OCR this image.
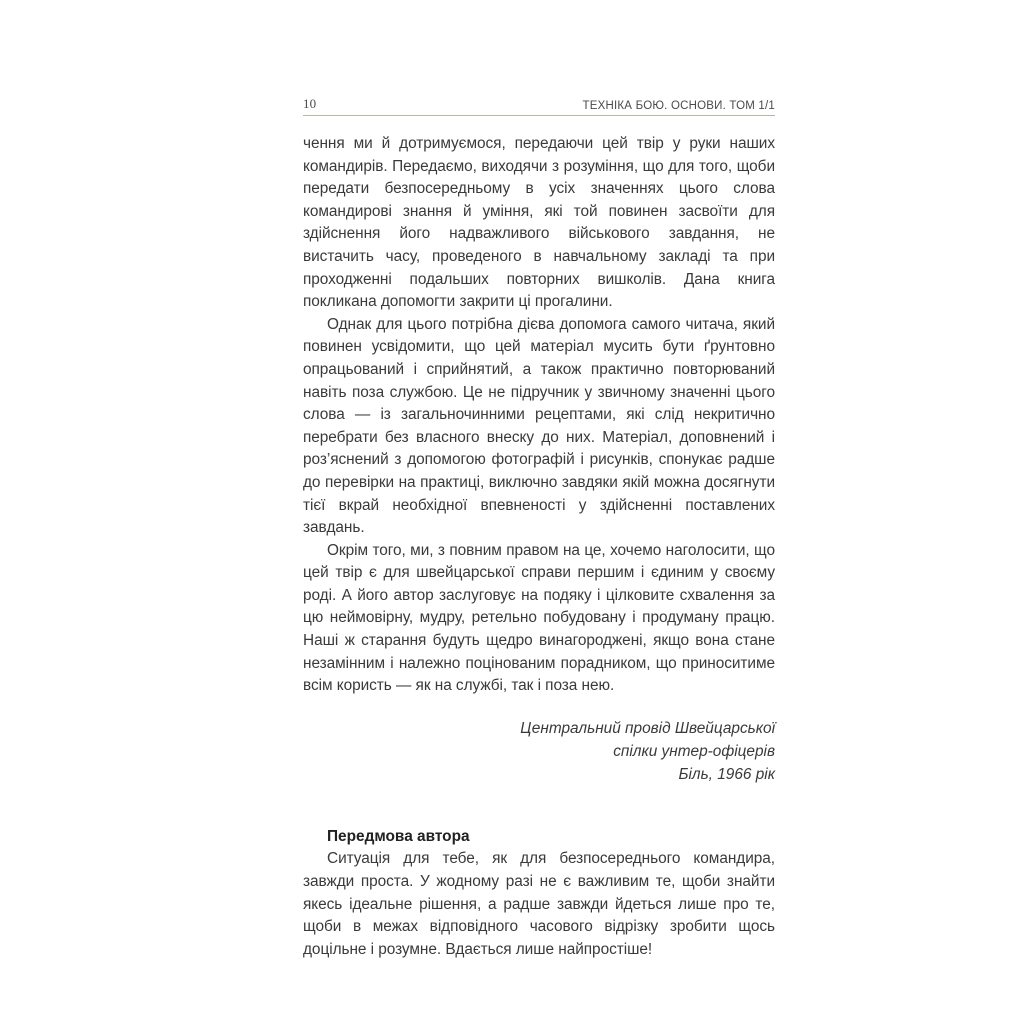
10	ТЕХНІКА БОЮ. ОСНОВИ. ТОМ 1/1

чення ми й дотримуємося, передаючи цей твір у руки наших командирів. Передаємо, виходячи з розуміння, що для того, щоби передати безпосередньому в усіх значеннях цього слова командирові знання й уміння, які той повинен засвоїти для здійснення його надважливого військового завдання, не вистачить часу, проведеного в навчальному закладі та при проходженні подальших повторних вишколів. Дана книга покликана допомогти закрити ці прогалини.

Однак для цього потрібна дієва допомога самого читача, який повинен усвідомити, що цей матеріал мусить бути ґрунтовно опрацьований і сприйнятий, а також практично повторюваний навіть поза службою. Це не підручник у звичному значенні цього слова — із загальночинними рецептами, які слід некритично перебрати без власного внеску до них. Матеріал, доповнений і роз’яснений з допомогою фотографій і рисунків, спонукає радше до перевірки на практиці, виключно завдяки якій можна досягнути тієї вкрай необхідної впевненості у здійсненні поставлених завдань.

Окрім того, ми, з повним правом на це, хочемо наголосити, що цей твір є для швейцарської справи першим і єдиним у своєму роді. А його автор заслуговує на подяку і цілковите схвалення за цю неймовірну, мудру, ретельно побудовану і продуману працю. Наші ж старання будуть щедро винагороджені, якщо вона стане незамінним і належно поцінованим порадником, що приноситиме всім користь — як на службі, так і поза нею.

Центральний провід Швейцарської
спілки унтер-офіцерів
Біль, 1966 рік
Передмова автора

Ситуація для тебе, як для безпосереднього командира, завжди проста. У жодному разі не є важливим те, щоби знайти якесь ідеальне рішення, а радше завжди йдеться лише про те, щоби в межах відповідного часового відрізку зробити щось доцільне і розумне. Вдається лише найпростіше!
